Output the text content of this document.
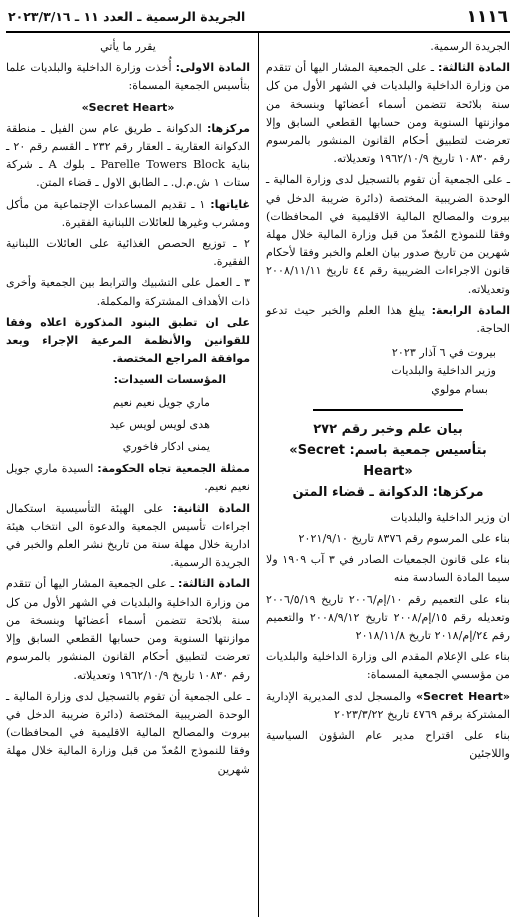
الجريدة الرسمية ـ العدد ١١ ـ ٢٠٢٣/٣/١٦	١١١٦

الجريدة الرسمية.

المادة الثالثة: ـ على الجمعية المشار اليها أن تتقدم من وزارة الداخلية والبلديات في الشهر الأول من كل سنة بلائحة تتضمن أسماء أعضائها وبنسخة من موازنتها السنوية ومن حسابها القطعي السابق وإلا تعرضت لتطبيق أحكام القانون المنشور بالمرسوم رقم ١٠٨٣٠ تاريخ ١٩٦٢/١٠/٩ وتعديلاته.

ـ على الجمعية أن تقوم بالتسجيل لدى وزارة المالية ـ الوحدة الضريبية المختصة (دائرة ضريبة الدخل في بيروت والمصالح المالية الاقليمية في المحافظات) وفقا للنموذج المُعدّ من قبل وزارة المالية خلال مهلة شهرين من تاريخ صدور بيان العلم والخبر وفقا لأحكام قانون الاجراءات الضريبية رقم ٤٤ تاريخ ٢٠٠٨/١١/١١ وتعديلاته.

المادة الرابعة: يبلغ هذا العلم والخبر حيث تدعو الحاجة.

بيروت في ٦ آذار ٢٠٢٣

وزير الداخلية والبلديات

بسام مولوي

بيان علم وخبر رقم ٢٧٢

بتأسيس جمعية باسم: «Secret Heart»

مركزها: الدكوانة ـ قضاء المتن

ان وزير الداخلية والبلديات

بناء على المرسوم رقم ٨٣٧٦ تاريخ ٢٠٢١/٩/١٠

بناء على قانون الجمعيات الصادر في ٣ آب ١٩٠٩ ولا سيما المادة السادسة منه

بناء على التعميم رقم ١٠/إم/٢٠٠٦ تاريخ ٢٠٠٦/٥/١٩ وتعديله رقم ١٥/إم/٢٠٠٨ تاريخ ٢٠٠٨/٩/١٢ والتعميم رقم ٢٤/إم/٢٠١٨ تاريخ ٢٠١٨/١١/٨

بناء على الإعلام المقدم الى وزارة الداخلية والبلديات من مؤسسي الجمعية المسماة:

«Secret Heart» والمسجل لدى المديرية الإدارية المشتركة برقم ٤٧٦٩ تاريخ ٢٠٢٣/٣/٢٢

بناء على اقتراح مدير عام الشؤون السياسية واللاجئين

يقرر ما يأتي

المادة الاولى: أُخذت وزارة الداخلية والبلديات علما بتأسيس الجمعية المسماة:

«Secret Heart»

مركزها: الدكوانة ـ طريق عام سن الفيل ـ منطقة الدكوانة العقارية ـ العقار رقم ٢٣٢ ـ القسم رقم ٢٠ ـ بناية Parelle Towers Block ـ بلوك A ـ شركة ستات ١ ش.م.ل. ـ الطابق الاول ـ قضاء المتن.

غاياتها: ١ ـ تقديم المساعدات الإجتماعية من مأكل ومشرب وغيرها للعائلات اللبنانية الفقيرة.

٢ ـ توزيع الحصص الغذائية على العائلات اللبنانية الفقيرة.

٣ ـ العمل على التشبيك والترابط بين الجمعية وأخرى ذات الأهداف المشتركة والمكملة.

على ان تطبق البنود المذكورة اعلاه وفقا للقوانين والأنظمة المرعية الإجراء وبعد موافقة المراجع المختصة.

المؤسسات السيدات:

ماري جويل نعيم نعيم

هدى لويس لويس عيد

يمنى ادكار فاخوري

ممثلة الجمعية تجاه الحكومة: السيدة ماري جويل نعيم نعيم.

المادة الثانية: على الهيئة التأسيسية استكمال اجراءات تأسيس الجمعية والدعوة الى انتخاب هيئة ادارية خلال مهلة سنة من تاريخ نشر العلم والخبر في الجريدة الرسمية.

المادة الثالثة: ـ على الجمعية المشار اليها أن تتقدم من وزارة الداخلية والبلديات في الشهر الأول من كل سنة بلائحة تتضمن أسماء أعضائها وبنسخة من موازنتها السنوية ومن حسابها القطعي السابق وإلا تعرضت لتطبيق أحكام القانون المنشور بالمرسوم رقم ١٠٨٣٠ تاريخ ١٩٦٢/١٠/٩ وتعديلاته.

ـ على الجمعية أن تقوم بالتسجيل لدى وزارة المالية ـ الوحدة الضريبية المختصة (دائرة ضريبة الدخل في بيروت والمصالح المالية الاقليمية في المحافظات) وفقا للنموذج المُعدّ من قبل وزارة المالية خلال مهلة شهرين
